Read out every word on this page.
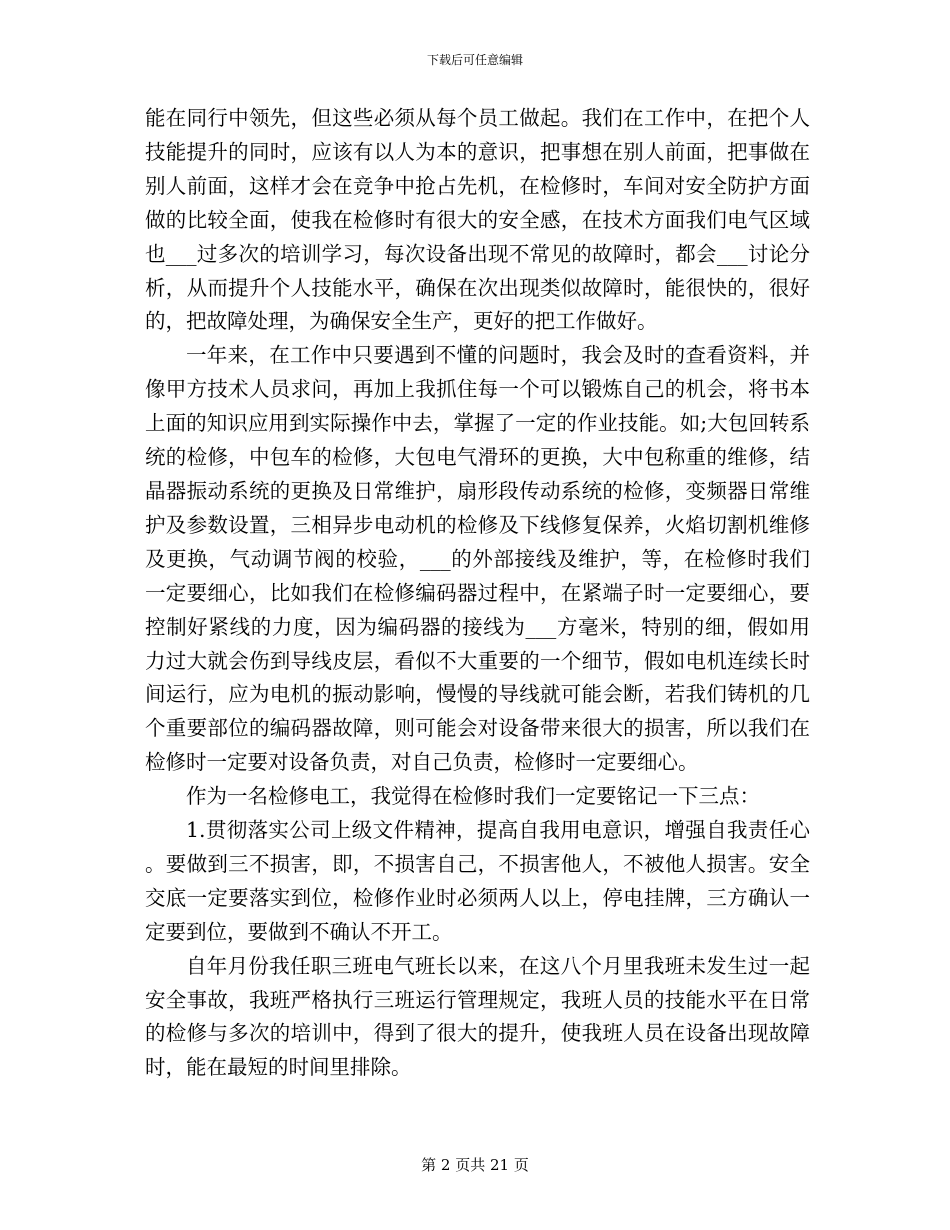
下载后可任意编辑

能在同行中领先，但这些必须从每个员工做起。我们在工作中，在把个人技能提升的同时，应该有以人为本的意识，把事想在别人前面，把事做在别人前面，这样才会在竞争中抢占先机，在检修时，车间对安全防护方面做的比较全面，使我在检修时有很大的安全感，在技术方面我们电气区域也___过多次的培训学习，每次设备出现不常见的故障时，都会___讨论分析，从而提升个人技能水平，确保在次出现类似故障时，能很快的，很好的，把故障处理，为确保安全生产，更好的把工作做好。

一年来，在工作中只要遇到不懂的问题时，我会及时的查看资料，并像甲方技术人员求问，再加上我抓住每一个可以锻炼自己的机会，将书本上面的知识应用到实际操作中去，掌握了一定的作业技能。如;大包回转系统的检修，中包车的检修，大包电气滑环的更换，大中包称重的维修，结晶器振动系统的更换及日常维护，扇形段传动系统的检修，变频器日常维护及参数设置，三相异步电动机的检修及下线修复保养，火焰切割机维修及更换，气动调节阀的校验，___的外部接线及维护，等，在检修时我们一定要细心，比如我们在检修编码器过程中，在紧端子时一定要细心，要控制好紧线的力度，因为编码器的接线为___方毫米，特别的细，假如用力过大就会伤到导线皮层，看似不大重要的一个细节，假如电机连续长时间运行，应为电机的振动影响，慢慢的导线就可能会断，若我们铸机的几个重要部位的编码器故障，则可能会对设备带来很大的损害，所以我们在检修时一定要对设备负责，对自己负责，检修时一定要细心。

作为一名检修电工，我觉得在检修时我们一定要铭记一下三点：

1.贯彻落实公司上级文件精神，提高自我用电意识，增强自我责任心。要做到三不损害，即，不损害自己，不损害他人，不被他人损害。安全交底一定要落实到位，检修作业时必须两人以上，停电挂牌，三方确认一定要到位，要做到不确认不开工。

自年月份我任职三班电气班长以来，在这八个月里我班未发生过一起安全事故，我班严格执行三班运行管理规定，我班人员的技能水平在日常的检修与多次的培训中，得到了很大的提升，使我班人员在设备出现故障时，能在最短的时间里排除。

第 2 页共 21 页
